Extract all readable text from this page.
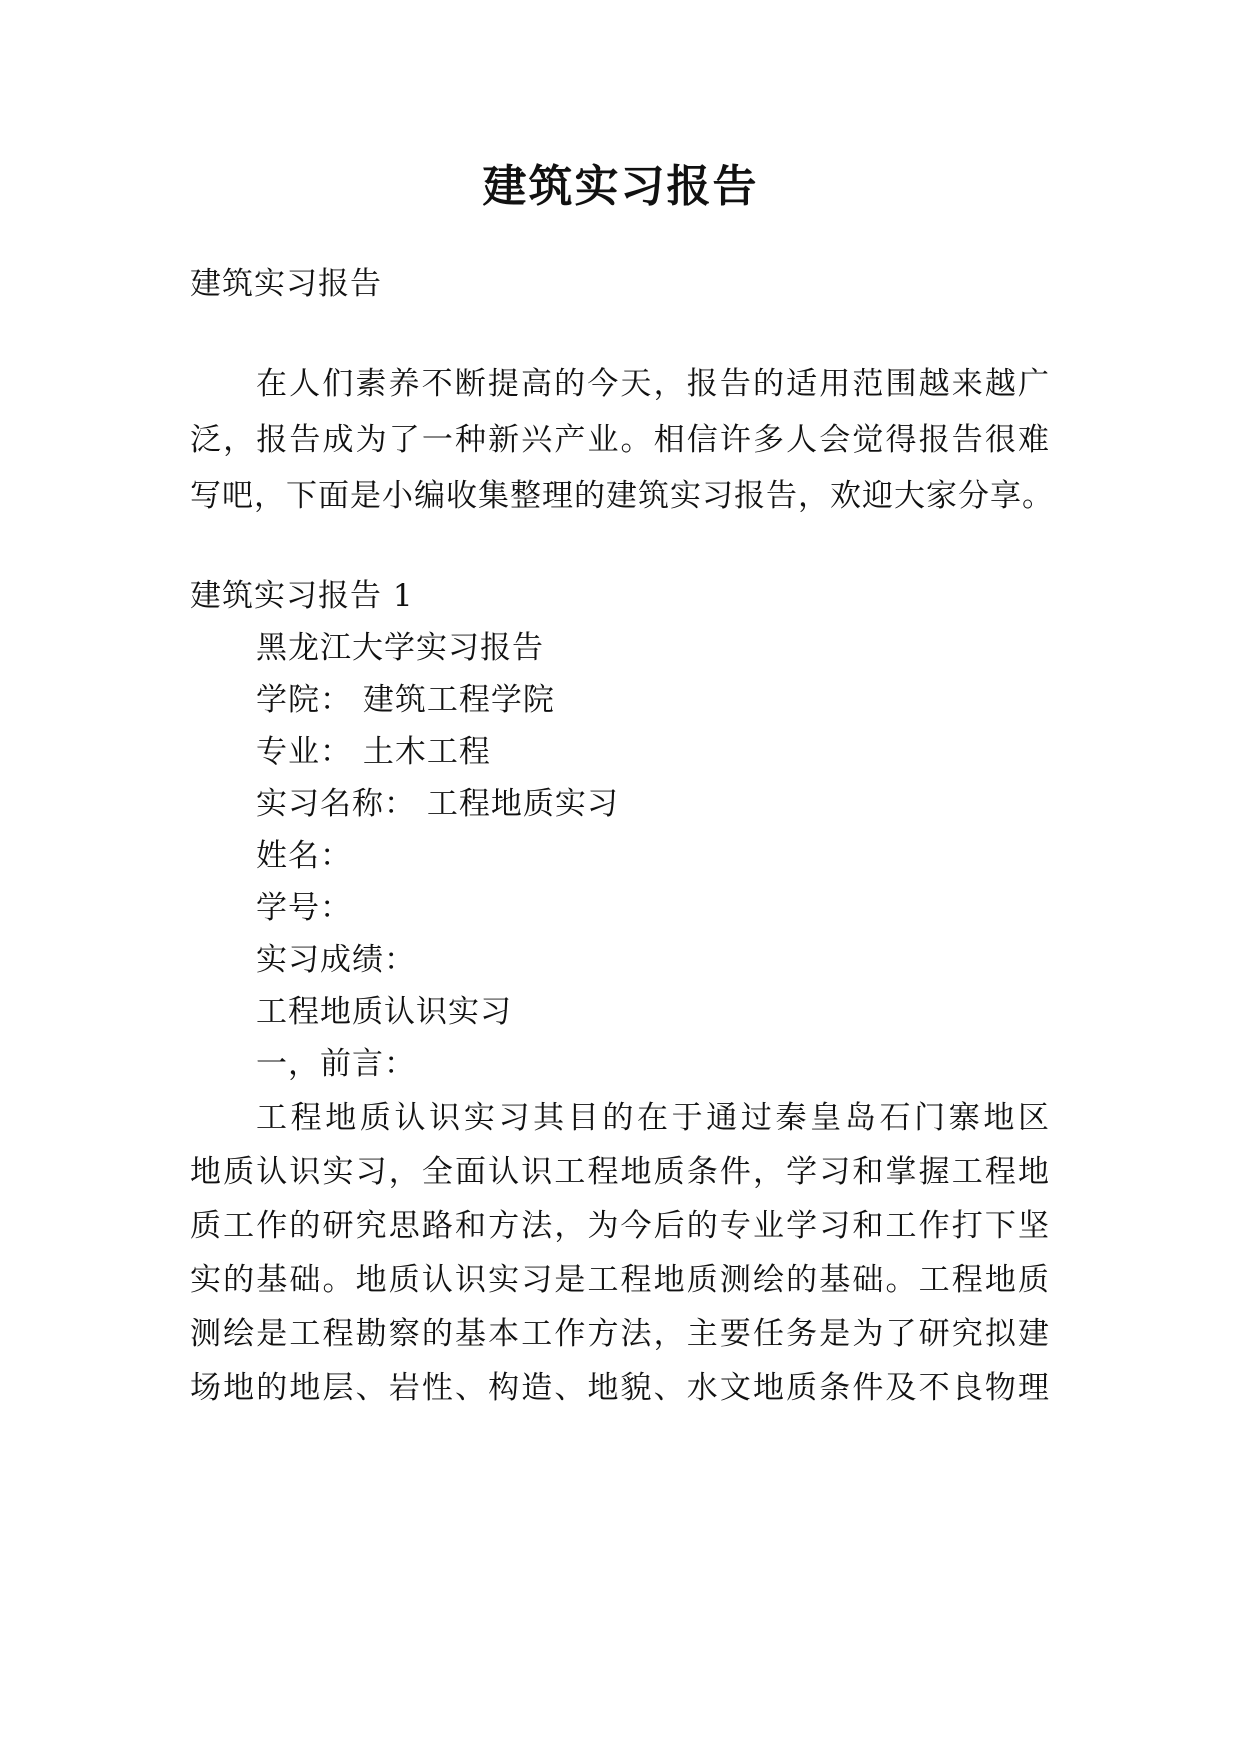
建筑实习报告
建筑实习报告
在人们素养不断提高的今天，报告的适用范围越来越广
泛，报告成为了一种新兴产业。相信许多人会觉得报告很难
写吧，下面是小编收集整理的建筑实习报告，欢迎大家分享。
建筑实习报告 1
黑龙江大学实习报告
学院： 建筑工程学院
专业： 土木工程
实习名称： 工程地质实习
姓名：
学号：
实习成绩：
工程地质认识实习
一，前言：
工程地质认识实习其目的在于通过秦皇岛石门寨地区
地质认识实习，全面认识工程地质条件，学习和掌握工程地
质工作的研究思路和方法，为今后的专业学习和工作打下坚
实的基础。地质认识实习是工程地质测绘的基础。工程地质
测绘是工程勘察的基本工作方法，主要任务是为了研究拟建
场地的地层、岩性、构造、地貌、水文地质条件及不良物理
